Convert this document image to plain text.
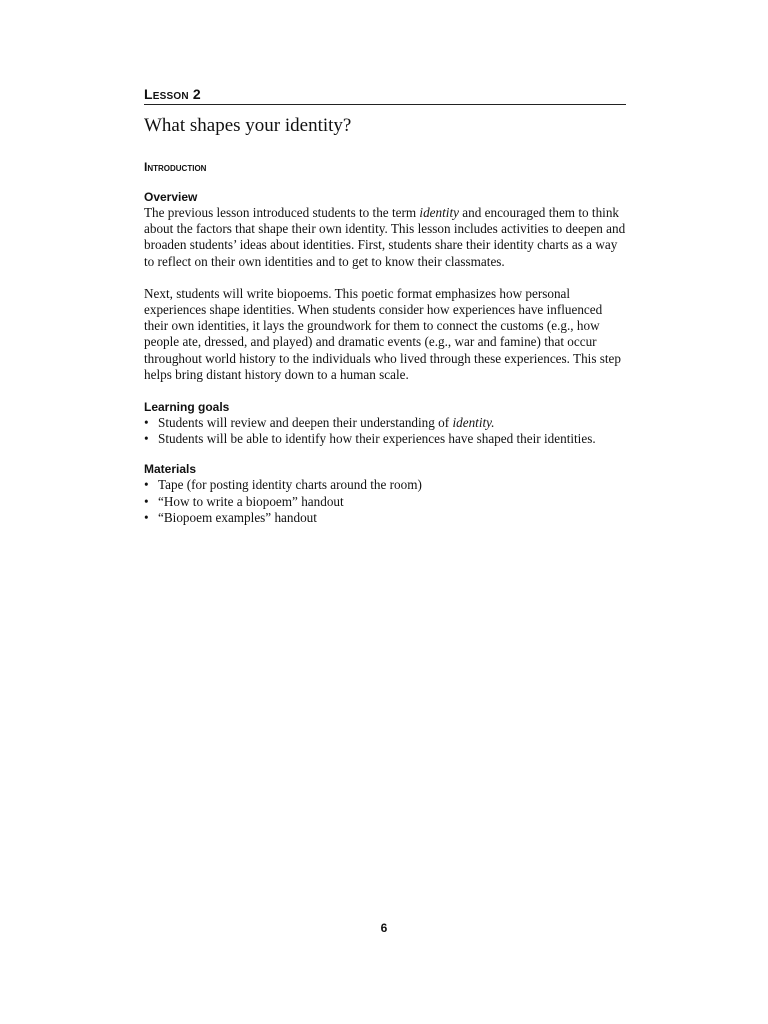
Lesson 2
What shapes your identity?
Introduction
Overview

The previous lesson introduced students to the term identity and encouraged them to think about the factors that shape their own identity. This lesson includes activities to deepen and broaden students’ ideas about identities. First, students share their identity charts as a way to reflect on their own identities and to get to know their classmates.

Next, students will write biopoems. This poetic format emphasizes how personal experiences shape identities. When students consider how experiences have influenced their own identities, it lays the groundwork for them to connect the customs (e.g., how people ate, dressed, and played) and dramatic events (e.g., war and famine) that occur throughout world history to the individuals who lived through these experiences. This step helps bring distant history down to a human scale.

Learning goals
• Students will review and deepen their understanding of identity.
• Students will be able to identify how their experiences have shaped their identities.
Materials
• Tape (for posting identity charts around the room)
• “How to write a biopoem” handout
• “Biopoem examples” handout
6
